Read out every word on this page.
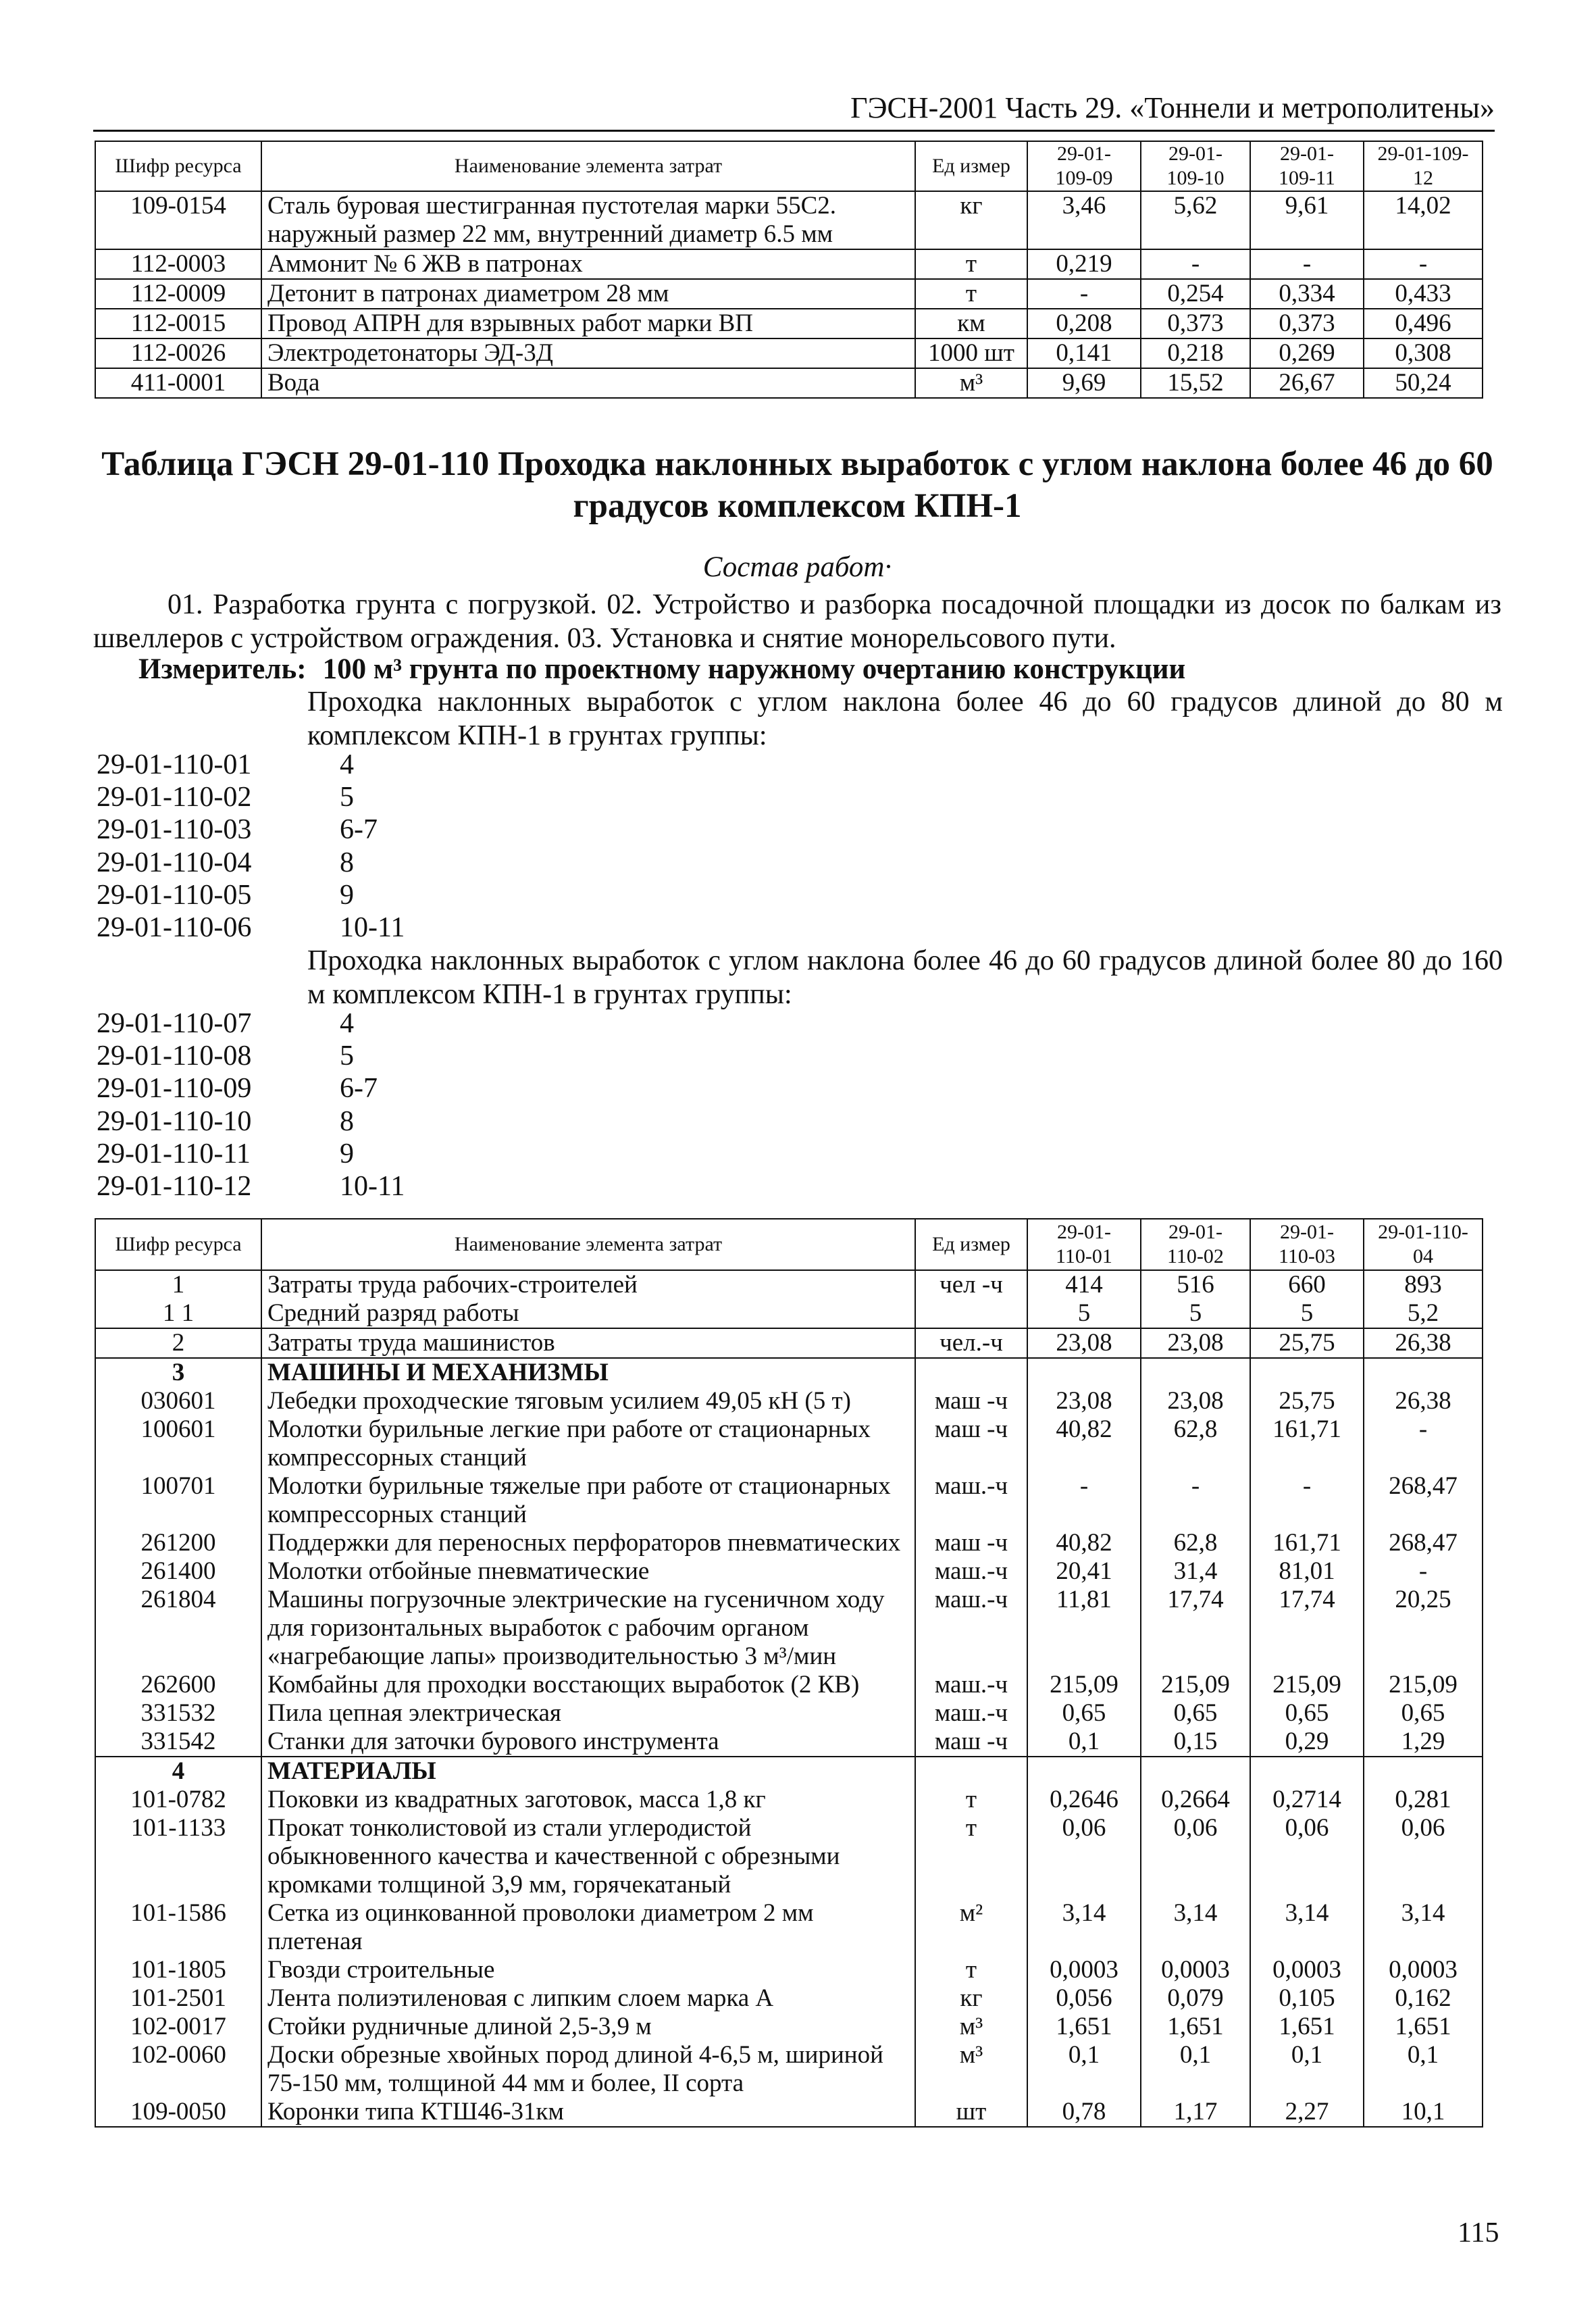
ГЭСН-2001 Часть 29. «Тоннели и метрополитены»
Шифр ресурса	Наименование элемента затрат	Ед измер	29-01-109-09	29-01-109-10	29-01-109-11	29-01-109-12
109-0154	Сталь буровая шестигранная пустотелая марки 55С2. наружный размер 22 мм, внутренний диаметр 6.5 мм	кг	3,46	5,62	9,61	14,02
112-0003	Аммонит № 6 ЖВ в патронах	т	0,219	-	-	-
112-0009	Детонит в патронах диаметром 28 мм	т	-	0,254	0,334	0,433
112-0015	Провод АПРН для взрывных работ марки ВП	км	0,208	0,373	0,373	0,496
112-0026	Электродетонаторы ЭД-3Д	1000 шт	0,141	0,218	0,269	0,308
411-0001	Вода	м³	9,69	15,52	26,67	50,24
Таблица ГЭСН 29-01-110 Проходка наклонных выработок с углом наклона более 46 до 60 градусов комплексом КПН-1
Состав работ·
01. Разработка грунта с погрузкой. 02. Устройство и разборка посадочной площадки из досок по балкам из швеллеров с устройством ограждения. 03. Установка и снятие монорельсового пути.
Измеритель: 100 м³ грунта по проектному наружному очертанию конструкции
Проходка наклонных выработок с углом наклона более 46 до 60 градусов длиной до 80 м комплексом КПН-1 в грунтах группы:
29-01-110-01	4
29-01-110-02	5
29-01-110-03	6-7
29-01-110-04	8
29-01-110-05	9
29-01-110-06	10-11
Проходка наклонных выработок с углом наклона более 46 до 60 градусов длиной более 80 до 160 м комплексом КПН-1 в грунтах группы:
29-01-110-07	4
29-01-110-08	5
29-01-110-09	6-7
29-01-110-10	8
29-01-110-11	9
29-01-110-12	10-11
Шифр ресурса	Наименование элемента затрат	Ед измер	29-01-110-01	29-01-110-02	29-01-110-03	29-01-110-04
1	Затраты труда рабочих-строителей	чел -ч	414	516	660	893
1 1	Средний разряд работы		5	5	5	5,2
2	Затраты труда машинистов	чел.-ч	23,08	23,08	25,75	26,38
3	МАШИНЫ И МЕХАНИЗМЫ					
030601	Лебедки проходческие тяговым усилием 49,05 кН (5 т)	маш -ч	23,08	23,08	25,75	26,38
100601	Молотки бурильные легкие при работе от стационарных компрессорных станций	маш -ч	40,82	62,8	161,71	-
100701	Молотки бурильные тяжелые при работе от стационарных компрессорных станций	маш.-ч	-	-	-	268,47
261200	Поддержки для переносных перфораторов пневматических	маш -ч	40,82	62,8	161,71	268,47
261400	Молотки отбойные пневматические	маш.-ч	20,41	31,4	81,01	-
261804	Машины погрузочные электрические на гусеничном ходу для горизонтальных выработок с рабочим органом «нагребающие лапы» производительностью 3 м³/мин	маш.-ч	11,81	17,74	17,74	20,25
262600	Комбайны для проходки восстающих выработок (2 КВ)	маш.-ч	215,09	215,09	215,09	215,09
331532	Пила цепная электрическая	маш.-ч	0,65	0,65	0,65	0,65
331542	Станки для заточки бурового инструмента	маш -ч	0,1	0,15	0,29	1,29
4	МАТЕРИАЛЫ					
101-0782	Поковки из квадратных заготовок, масса 1,8 кг	т	0,2646	0,2664	0,2714	0,281
101-1133	Прокат тонколистовой из стали углеродистой обыкновенного качества и качественной с обрезными кромками толщиной 3,9 мм, горячекатаный	т	0,06	0,06	0,06	0,06
101-1586	Сетка из оцинкованной проволоки диаметром 2 мм плетеная	м²	3,14	3,14	3,14	3,14
101-1805	Гвозди строительные	т	0,0003	0,0003	0,0003	0,0003
101-2501	Лента полиэтиленовая с липким слоем марка А	кг	0,056	0,079	0,105	0,162
102-0017	Стойки рудничные длиной 2,5-3,9 м	м³	1,651	1,651	1,651	1,651
102-0060	Доски обрезные хвойных пород длиной 4-6,5 м, шириной 75-150 мм, толщиной 44 мм и более, II сорта	м³	0,1	0,1	0,1	0,1
109-0050	Коронки типа КТШ46-31км	шт	0,78	1,17	2,27	10,1
115
